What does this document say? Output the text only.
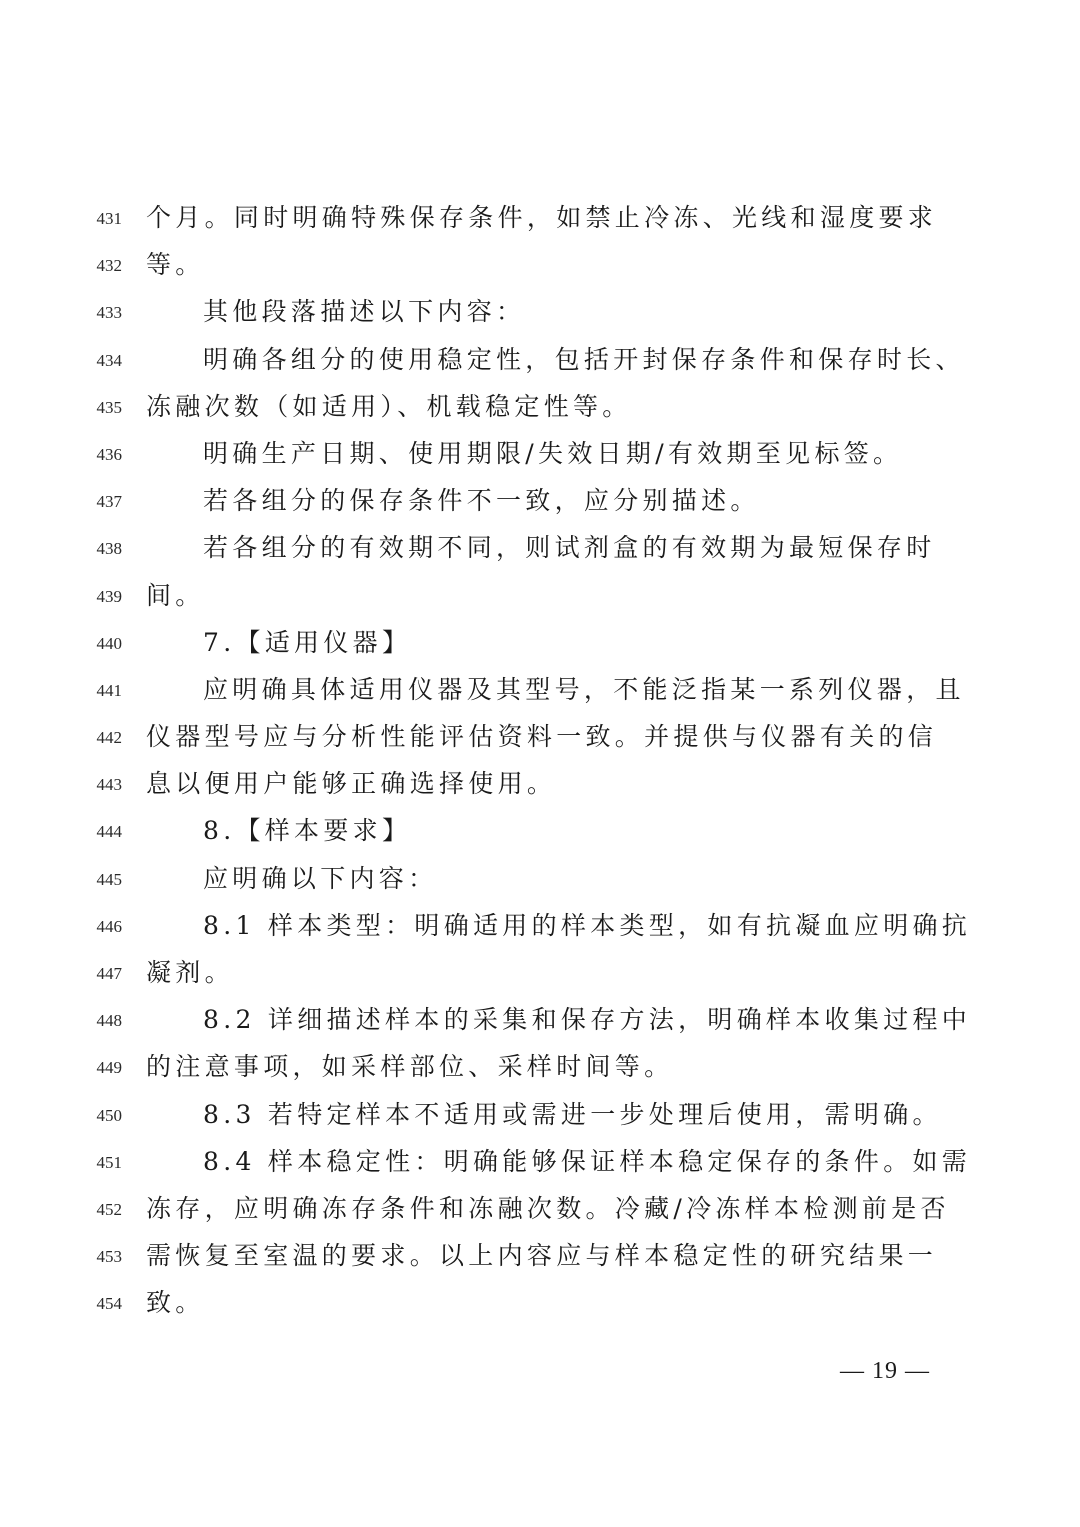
431 个月。同时明确特殊保存条件，如禁止冷冻、光线和湿度要求
432 等。
433	其他段落描述以下内容：
434	明确各组分的使用稳定性，包括开封保存条件和保存时长、
435 冻融次数（如适用）、机载稳定性等。
436	明确生产日期、使用期限/失效日期/有效期至见标签。
437	若各组分的保存条件不一致，应分别描述。
438	若各组分的有效期不同，则试剂盒的有效期为最短保存时
439 间。
440	7.【适用仪器】
441	应明确具体适用仪器及其型号，不能泛指某一系列仪器，且
442 仪器型号应与分析性能评估资料一致。并提供与仪器有关的信
443 息以便用户能够正确选择使用。
444	8.【样本要求】
445	应明确以下内容：
446	8.1 样本类型：明确适用的样本类型，如有抗凝血应明确抗
447 凝剂。
448	8.2 详细描述样本的采集和保存方法，明确样本收集过程中
449 的注意事项，如采样部位、采样时间等。
450	8.3 若特定样本不适用或需进一步处理后使用，需明确。
451	8.4 样本稳定性：明确能够保证样本稳定保存的条件。如需
452 冻存，应明确冻存条件和冻融次数。冷藏/冷冻样本检测前是否
453 需恢复至室温的要求。以上内容应与样本稳定性的研究结果一
454 致。
— 19 —
